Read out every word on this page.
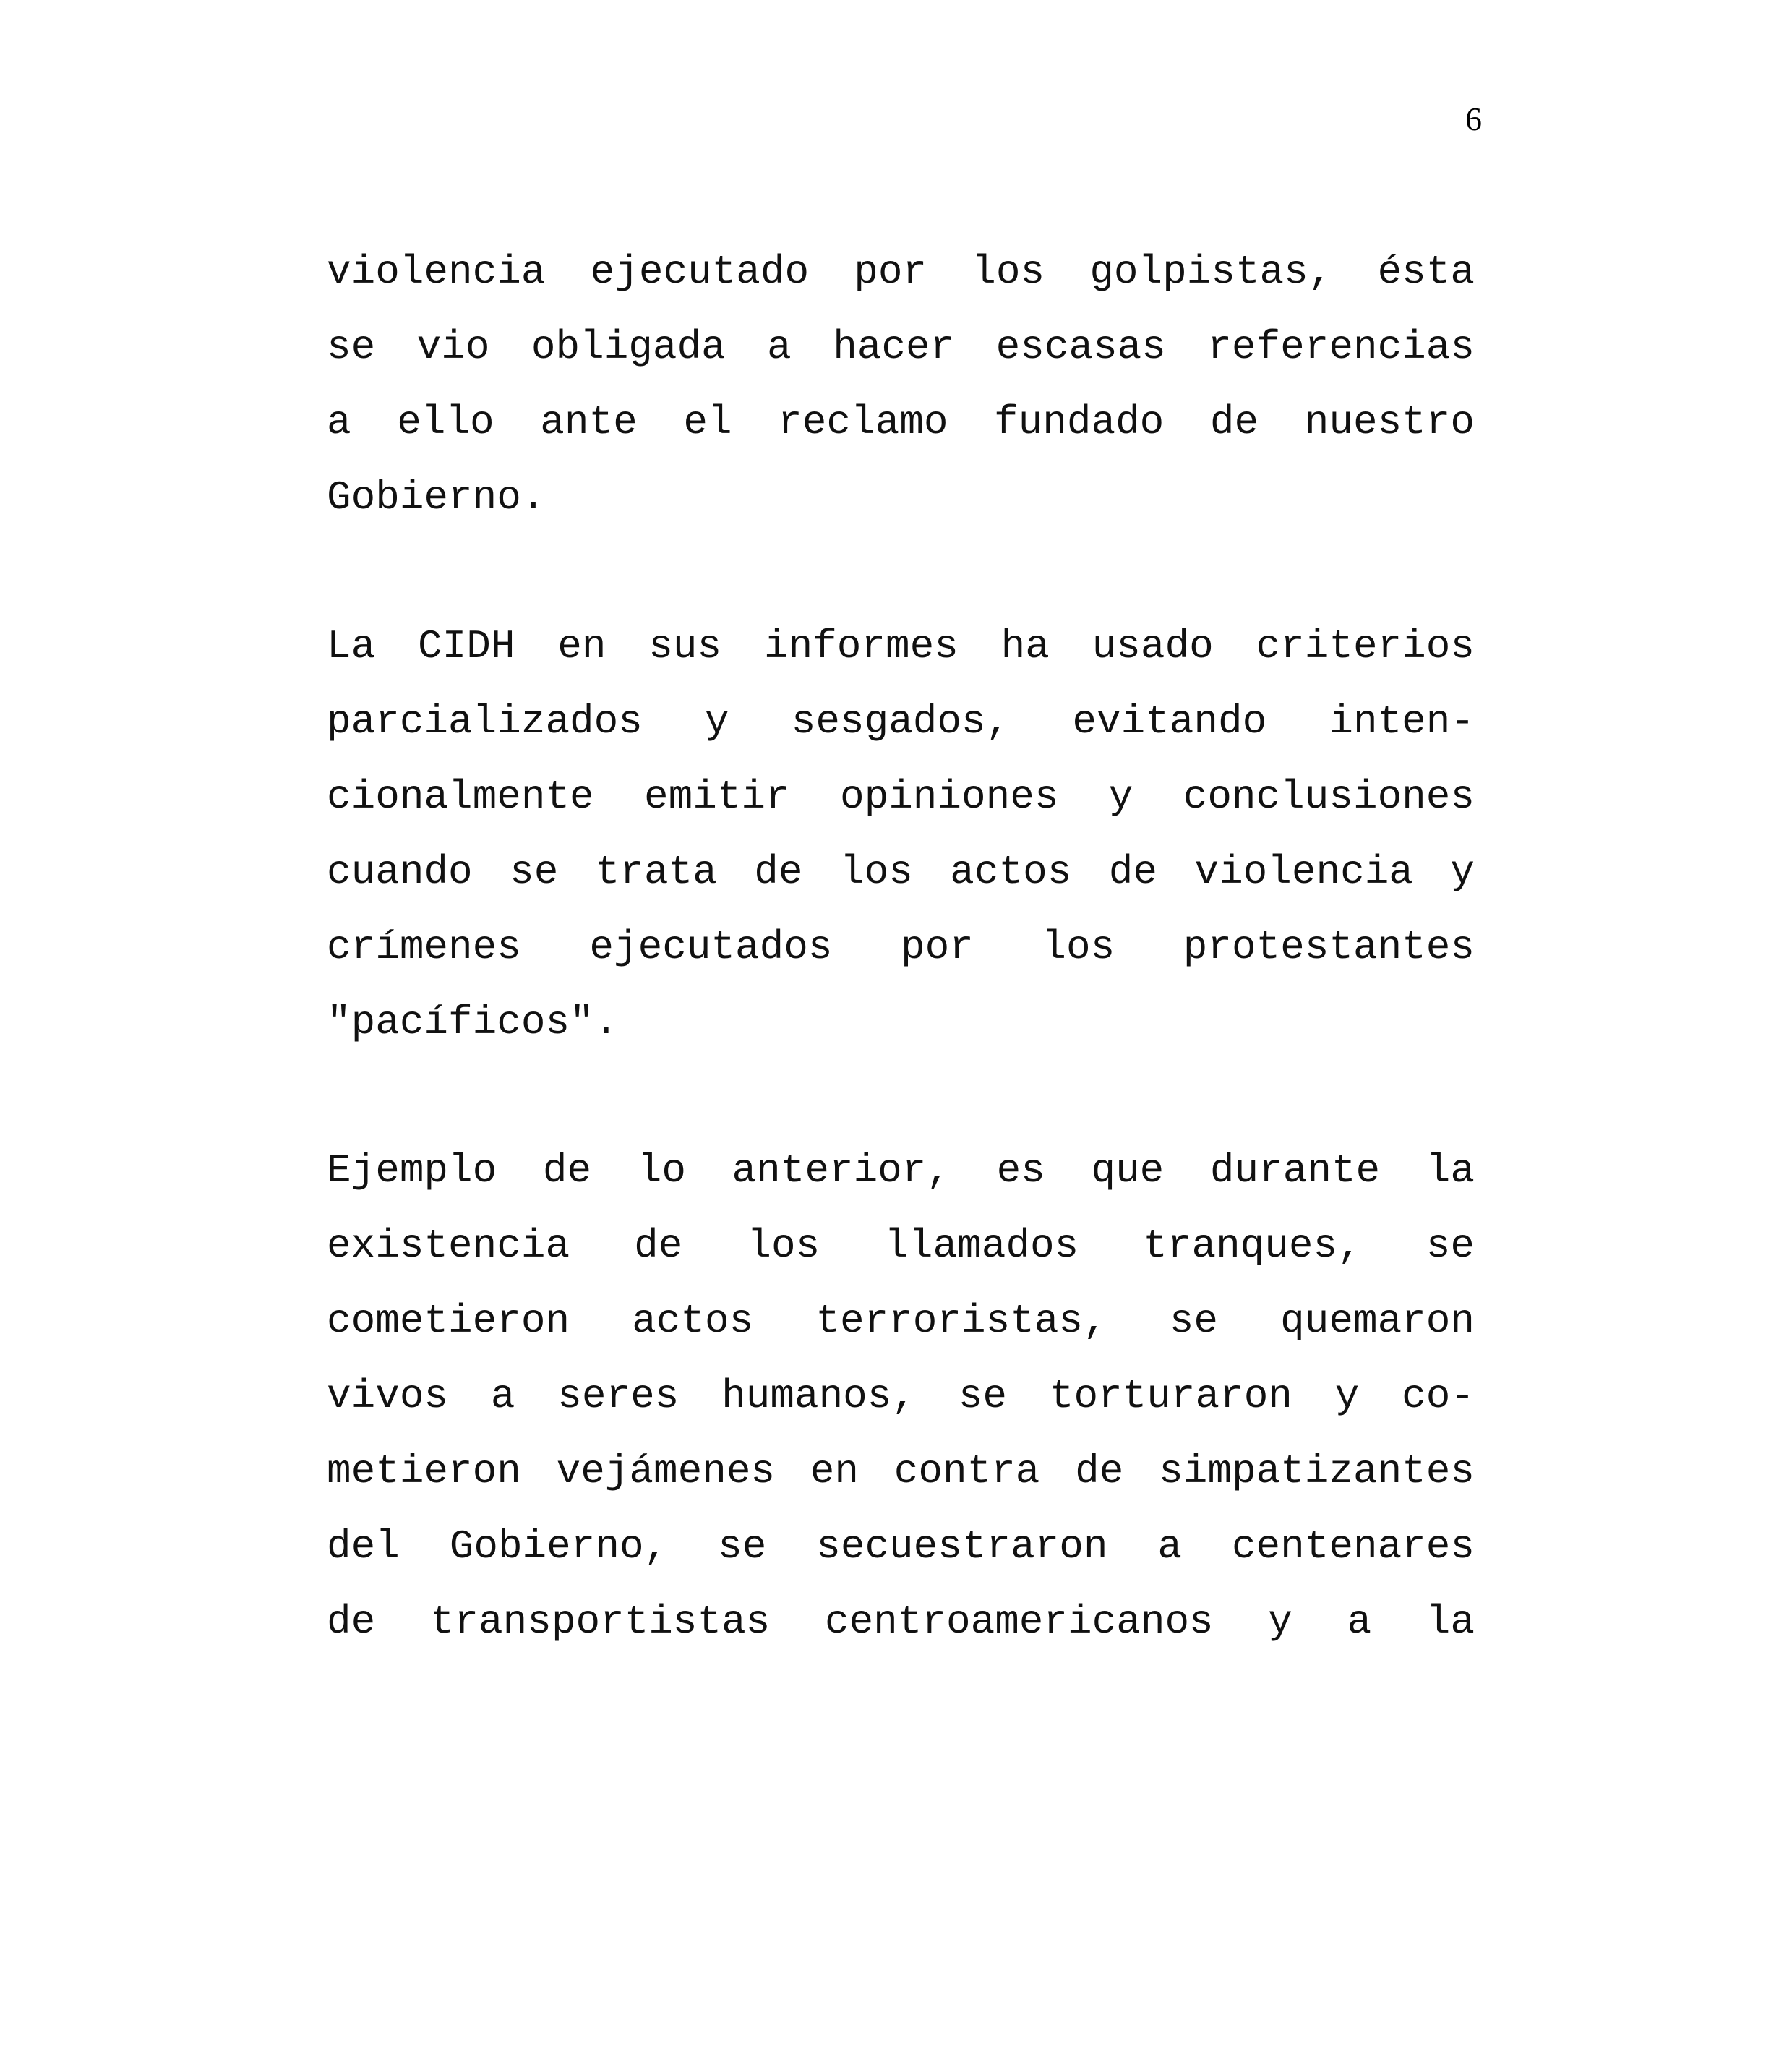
6
violencia ejecutado por los golpistas, ésta
se vio obligada a hacer escasas referencias
a ello ante el reclamo fundado de nuestro
Gobierno.
La CIDH en sus informes ha usado criterios
parcializados y sesgados, evitando inten-
cionalmente emitir opiniones y conclusiones
cuando se trata de los actos de violencia y
crímenes ejecutados por los protestantes
"pacíficos".
Ejemplo de lo anterior, es que durante la
existencia de los llamados tranques, se
cometieron actos terroristas, se quemaron
vivos a seres humanos, se torturaron y co-
metieron vejámenes en contra de simpatizantes
del Gobierno, se secuestraron a centenares
de transportistas centroamericanos y a la
